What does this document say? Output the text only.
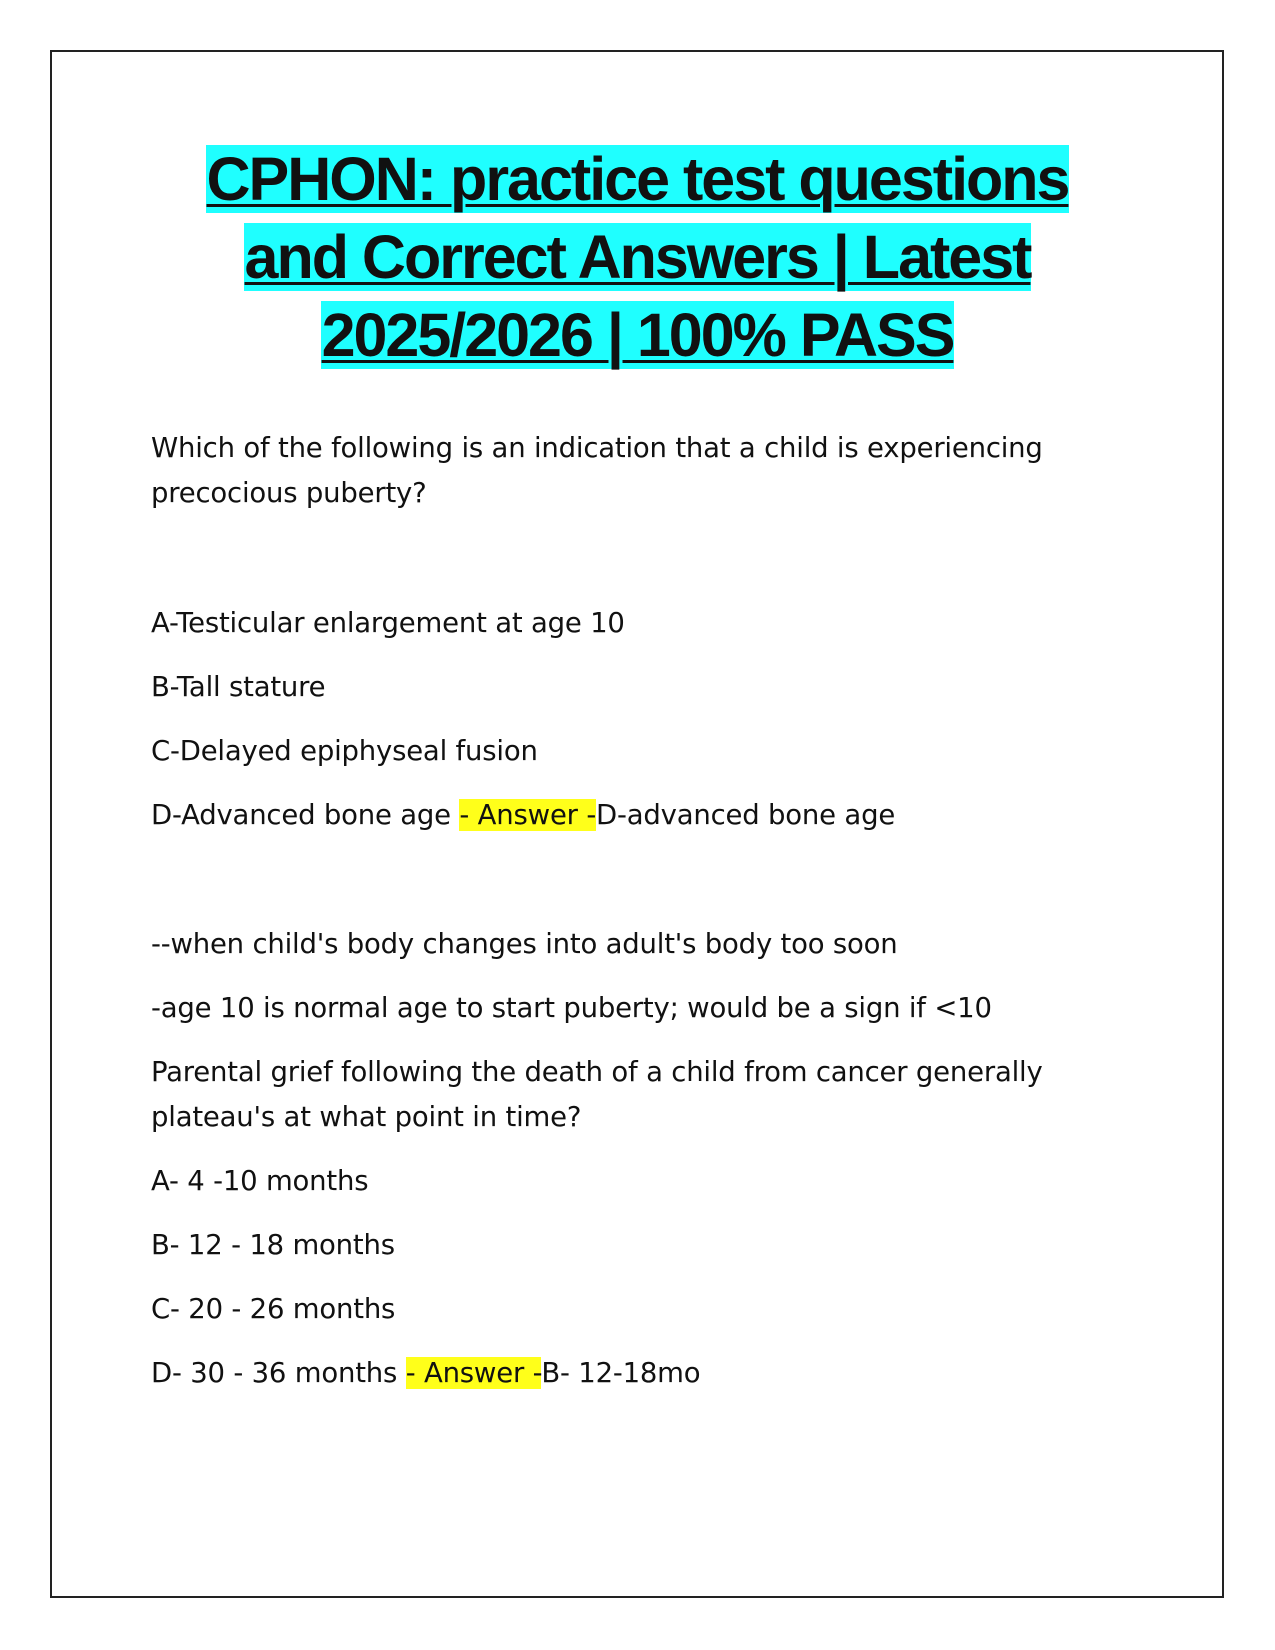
CPHON: practice test questions
and Correct Answers | Latest
2025/2026 | 100% PASS

Which of the following is an indication that a child is experiencing

precocious puberty?

A-Testicular enlargement at age 10

B-Tall stature

C-Delayed epiphyseal fusion

D-Advanced bone age - Answer -D-advanced bone age

--when child's body changes into adult's body too soon

-age 10 is normal age to start puberty; would be a sign if <10

Parental grief following the death of a child from cancer generally

plateau's at what point in time?

A- 4 -10 months

B- 12 - 18 months

C- 20 - 26 months

D- 30 - 36 months - Answer -B- 12-18mo
